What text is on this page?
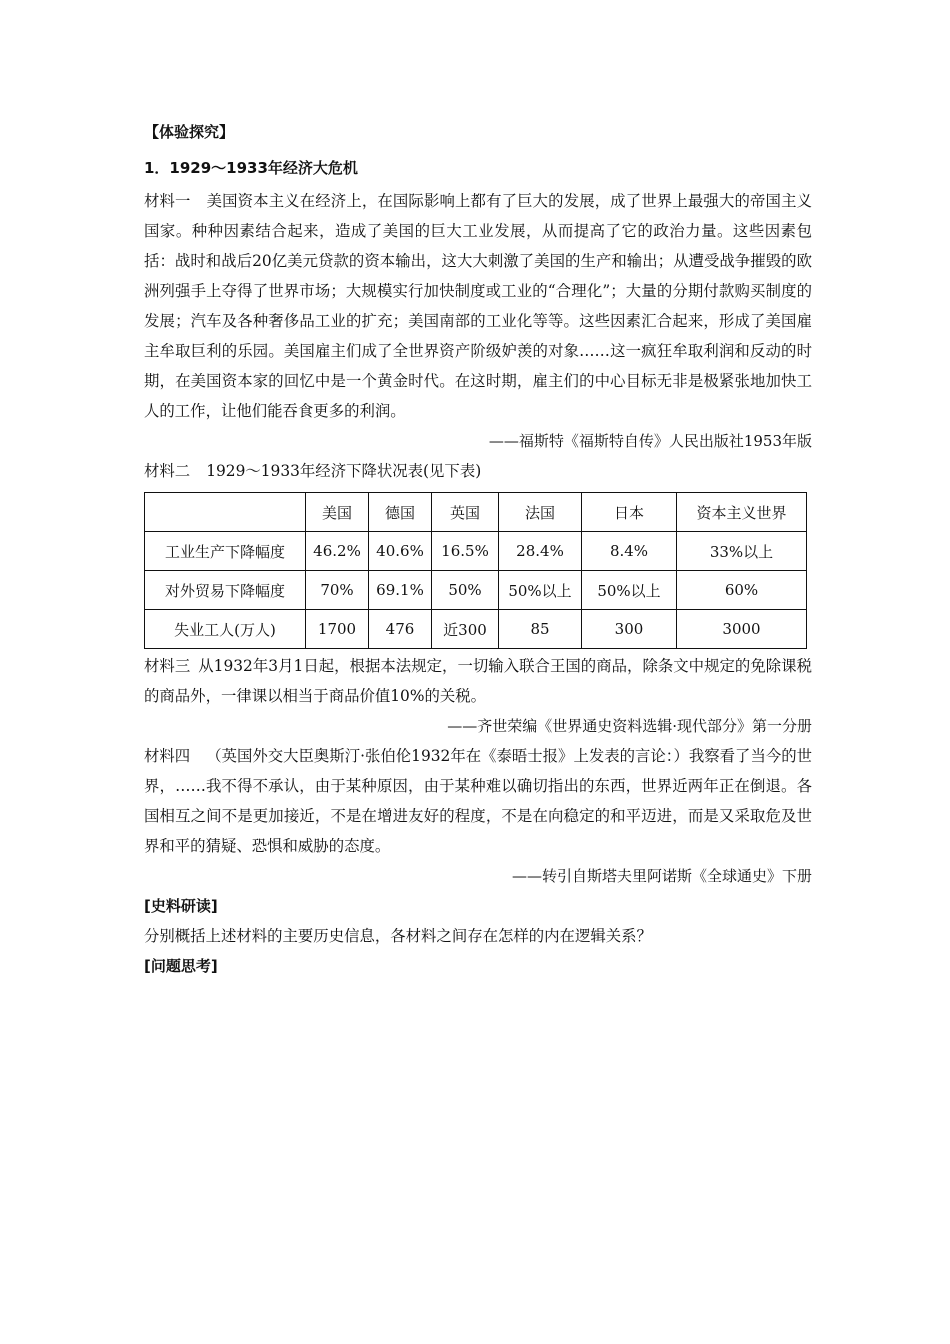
【体验探究】

1．1929～1933年经济大危机

材料一 美国资本主义在经济上，在国际影响上都有了巨大的发展，成了世界上最强大的帝国主义国家。种种因素结合起来，造成了美国的巨大工业发展，从而提高了它的政治力量。这些因素包括：战时和战后20亿美元贷款的资本输出，这大大刺激了美国的生产和输出；从遭受战争摧毁的欧洲列强手上夺得了世界市场；大规模实行加快制度或工业的“合理化”；大量的分期付款购买制度的发展；汽车及各种奢侈品工业的扩充；美国南部的工业化等等。这些因素汇合起来，形成了美国雇主牟取巨利的乐园。美国雇主们成了全世界资产阶级妒羡的对象……这一疯狂牟取利润和反动的时期，在美国资本家的回忆中是一个黄金时代。在这时期，雇主们的中心目标无非是极紧张地加快工人的工作，让他们能吞食更多的利润。

——福斯特《福斯特自传》人民出版社1953年版

材料二 1929～1933年经济下降状况表(见下表)

	美国	德国	英国	法国	日本	资本主义世界
工业生产下降幅度	46.2%	40.6%	16.5%	28.4%	8.4%	33%以上
对外贸易下降幅度	70%	69.1%	50%	50%以上	50%以上	60%
失业工人(万人)	1700	476	近300	85	300	3000

材料三 从1932年3月1日起，根据本法规定，一切输入联合王国的商品，除条文中规定的免除课税的商品外，一律课以相当于商品价值10%的关税。

——齐世荣编《世界通史资料选辑·现代部分》第一分册

材料四 （英国外交大臣奥斯汀·张伯伦1932年在《泰晤士报》上发表的言论：）我察看了当今的世界，……我不得不承认，由于某种原因，由于某种难以确切指出的东西，世界近两年正在倒退。各国相互之间不是更加接近，不是在增进友好的程度，不是在向稳定的和平迈进，而是又采取危及世界和平的猜疑、恐惧和威胁的态度。

——转引自斯塔夫里阿诺斯《全球通史》下册

[史料研读]

分别概括上述材料的主要历史信息，各材料之间存在怎样的内在逻辑关系？

[问题思考]
